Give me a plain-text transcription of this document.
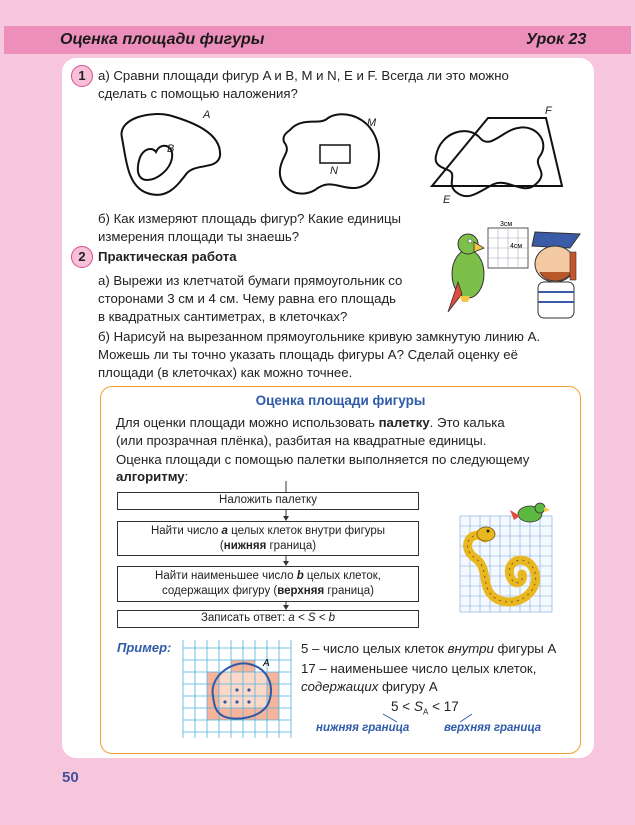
Оценка площади фигуры	Урок 23
1 а) Сравни площади фигур A и B, M и N, E и F. Всегда ли это можно
сделать с помощью наложения?
A
B
M
N
F
E
б) Как измеряют площадь фигур? Какие единицы
измерения площади ты знаешь?
2 Практическая работа
а) Вырежи из клетчатой бумаги прямоугольник со
сторонами 3 см и 4 см. Чему равна его площадь
в квадратных сантиметрах, в клеточках?
3см
4см
б) Нарисуй на вырезанном прямоугольнике кривую замкнутую линию A.
Можешь ли ты точно указать площадь фигуры A? Сделай оценку её
площади (в клеточках) как можно точнее.
Оценка площади фигуры
Для оценки площади можно использовать палетку. Это калька
(или прозрачная плёнка), разбитая на квадратные единицы.
Оценка площади с помощью палетки выполняется по следующему
алгоритму:
Наложить палетку
Найти число a целых клеток внутри фигуры
(нижняя граница)
Найти наименьшее число b целых клеток,
содержащих фигуру (верхняя граница)
Записать ответ: a < S < b
Пример:
A
5 – число целых клеток внутри фигуры A
17 – наименьшее число целых клеток,
содержащих фигуру A
$5 < S_A < 17$
нижняя граница	верхняя граница
50
